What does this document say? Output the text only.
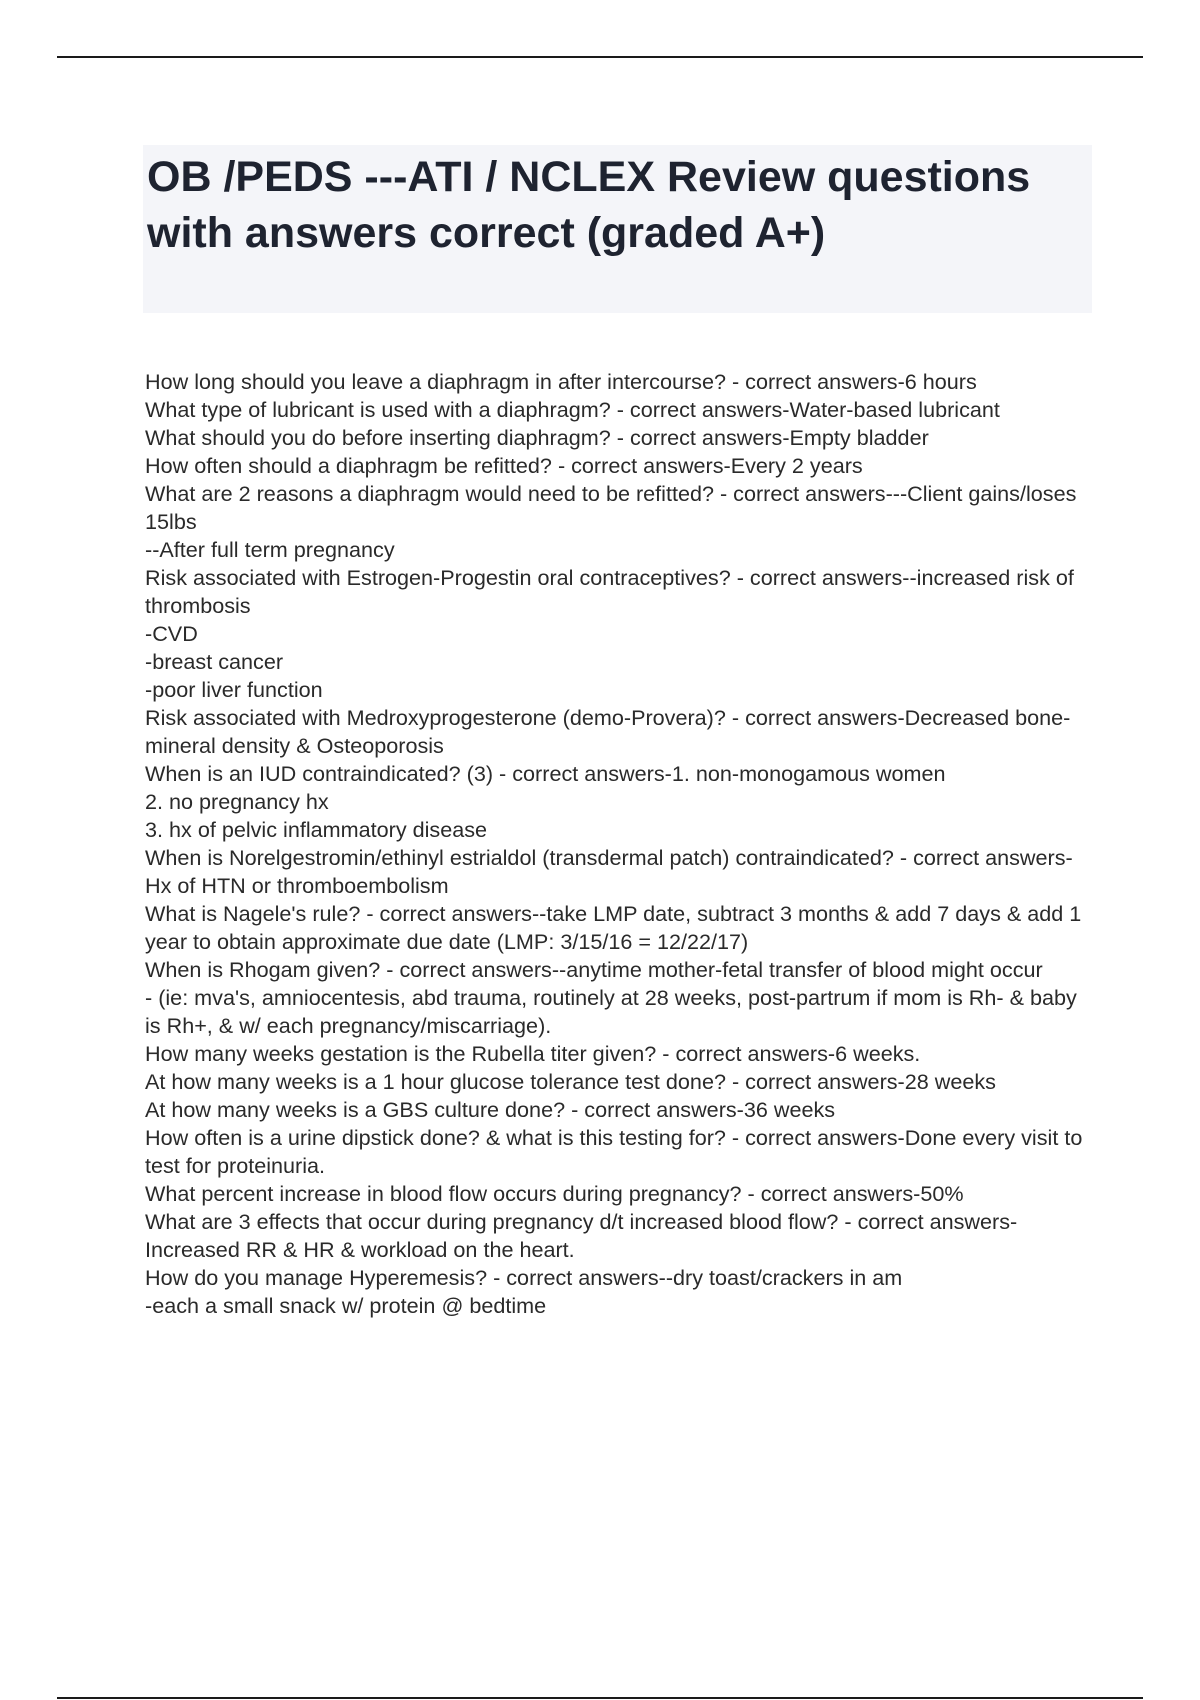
OB /PEDS ---ATI / NCLEX Review questions with answers correct (graded A+)

How long should you leave a diaphragm in after intercourse? - correct answers-6 hours

What type of lubricant is used with a diaphragm? - correct answers-Water-based lubricant

What should you do before inserting diaphragm? - correct answers-Empty bladder

How often should a diaphragm be refitted? - correct answers-Every 2 years

What are 2 reasons a diaphragm would need to be refitted? - correct answers---Client gains/loses 15lbs

--After full term pregnancy

Risk associated with Estrogen-Progestin oral contraceptives? - correct answers--increased risk of thrombosis

-CVD

-breast cancer

-poor liver function

Risk associated with Medroxyprogesterone (demo-Provera)? - correct answers-Decreased bone-mineral density & Osteoporosis

When is an IUD contraindicated? (3) - correct answers-1. non-monogamous women

2. no pregnancy hx

3. hx of pelvic inflammatory disease

When is Norelgestromin/ethinyl estrialdol (transdermal patch) contraindicated? - correct answers-Hx of HTN or thromboembolism

What is Nagele's rule? - correct answers--take LMP date, subtract 3 months & add 7 days & add 1 year to obtain approximate due date (LMP: 3/15/16 = 12/22/17)

When is Rhogam given? - correct answers--anytime mother-fetal transfer of blood might occur

- (ie: mva's, amniocentesis, abd trauma, routinely at 28 weeks, post-partrum if mom is Rh- & baby is Rh+, & w/ each pregnancy/miscarriage).

How many weeks gestation is the Rubella titer given? - correct answers-6 weeks.

At how many weeks is a 1 hour glucose tolerance test done? - correct answers-28 weeks

At how many weeks is a GBS culture done? - correct answers-36 weeks

How often is a urine dipstick done? & what is this testing for? - correct answers-Done every visit to test for proteinuria.

What percent increase in blood flow occurs during pregnancy? - correct answers-50%

What are 3 effects that occur during pregnancy d/t increased blood flow? - correct answers-Increased RR & HR & workload on the heart.

How do you manage Hyperemesis? - correct answers--dry toast/crackers in am

-each a small snack w/ protein @ bedtime
